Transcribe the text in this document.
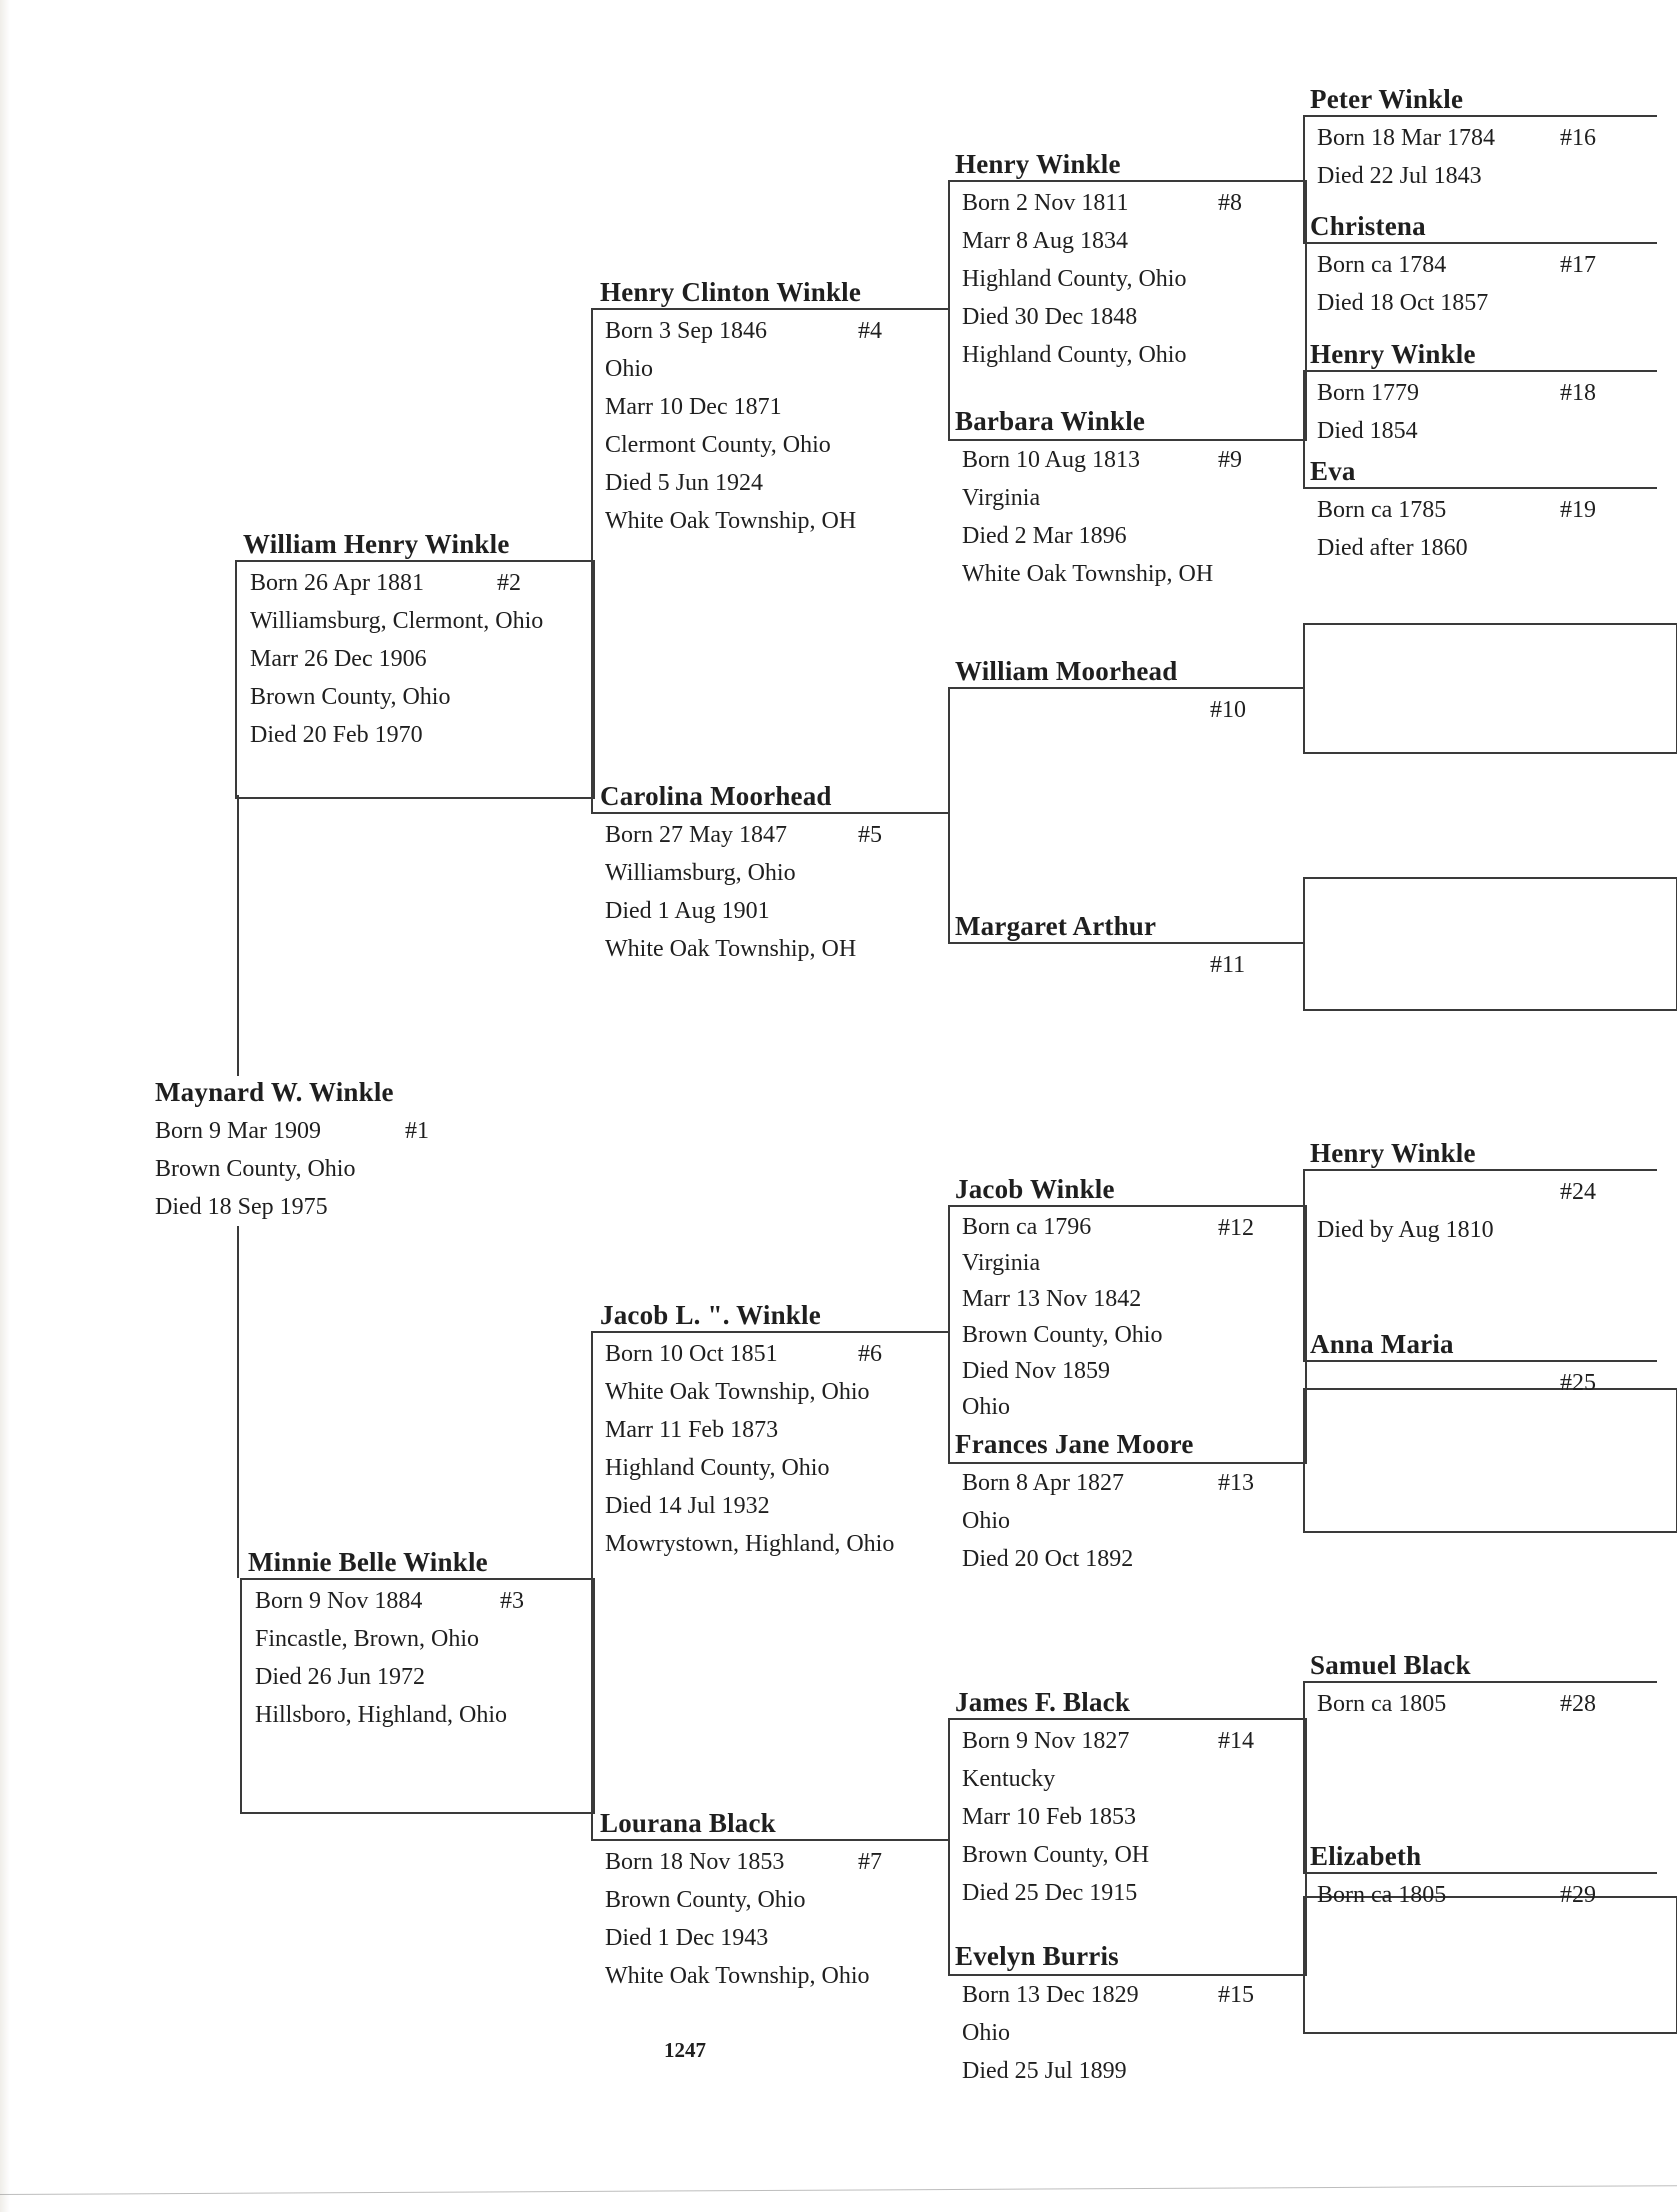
Maynard W. Winkle
Born 9 Mar 1909
Brown County, Ohio
Died 18 Sep 1975
#1
William Henry Winkle
Born 26 Apr 1881
Williamsburg, Clermont, Ohio
Marr 26 Dec 1906
Brown County, Ohio
Died 20 Feb 1970
#2
Minnie Belle Winkle
Born 9 Nov 1884
Fincastle, Brown, Ohio
Died 26 Jun 1972
Hillsboro, Highland, Ohio
#3
Henry Clinton Winkle
Born 3 Sep 1846
Ohio
Marr 10 Dec 1871
Clermont County, Ohio
Died 5 Jun 1924
White Oak Township, OH
#4
Carolina Moorhead
Born 27 May 1847
Williamsburg, Ohio
Died 1 Aug 1901
White Oak Township, OH
#5
Jacob L. ". Winkle
Born 10 Oct 1851
White Oak Township, Ohio
Marr 11 Feb 1873
Highland County, Ohio
Died 14 Jul 1932
Mowrystown, Highland, Ohio
#6
Lourana Black
Born 18 Nov 1853
Brown County, Ohio
Died 1 Dec 1943
White Oak Township, Ohio
#7
Henry Winkle
Born 2 Nov 1811
Marr 8 Aug 1834
Highland County, Ohio
Died 30 Dec 1848
Highland County, Ohio
#8
Barbara Winkle
Born 10 Aug 1813
Virginia
Died 2 Mar 1896
White Oak Township, OH
#9
William Moorhead
#10
Margaret Arthur
#11
Jacob Winkle
Born ca 1796
Virginia
Marr 13 Nov 1842
Brown County, Ohio
Died Nov 1859
Ohio
#12
Frances Jane Moore
Born 8 Apr 1827
Ohio
Died 20 Oct 1892
#13
James F. Black
Born 9 Nov 1827
Kentucky
Marr 10 Feb 1853
Brown County, OH
Died 25 Dec 1915
#14
Evelyn Burris
Born 13 Dec 1829
Ohio
Died 25 Jul 1899
#15
Peter Winkle
Born 18 Mar 1784
Died 22 Jul 1843
#16
Christena
Born ca 1784
Died 18 Oct 1857
#17
Henry Winkle
Born 1779
Died 1854
#18
Eva
Born ca 1785
Died after 1860
#19
Henry Winkle
Died by Aug 1810
#24
Anna Maria
#25
Samuel Black
Born ca 1805	#28
Elizabeth
Born ca 1805	#29
1247
